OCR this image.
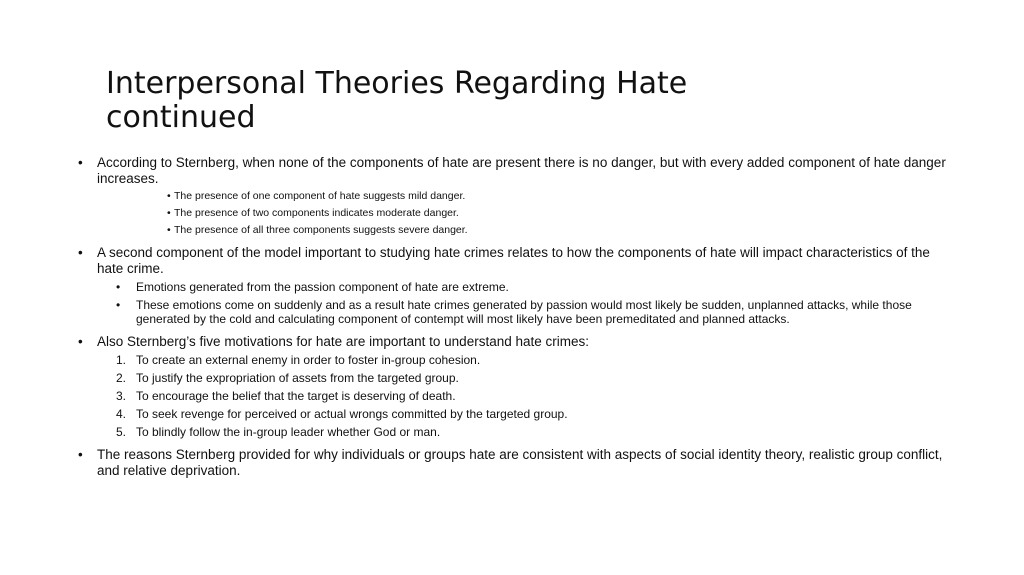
Interpersonal Theories Regarding Hate
continued
• According to Sternberg, when none of the components of hate are present there is no danger, but with every added component of hate danger increases.
• The presence of one component of hate suggests mild danger.
• The presence of two components indicates moderate danger.
• The presence of all three components suggests severe danger.
• A second component of the model important to studying hate crimes relates to how the components of hate will impact characteristics of the hate crime.
• Emotions generated from the passion component of hate are extreme.
• These emotions come on suddenly and as a result hate crimes generated by passion would most likely be sudden, unplanned attacks, while those generated by the cold and calculating component of contempt will most likely have been premeditated and planned attacks.
• Also Sternberg’s five motivations for hate are important to understand hate crimes:
1. To create an external enemy in order to foster in-group cohesion.
2. To justify the expropriation of assets from the targeted group.
3. To encourage the belief that the target is deserving of death.
4. To seek revenge for perceived or actual wrongs committed by the targeted group.
5. To blindly follow the in-group leader whether God or man.
• The reasons Sternberg provided for why individuals or groups hate are consistent with aspects of social identity theory, realistic group conflict, and relative deprivation.
